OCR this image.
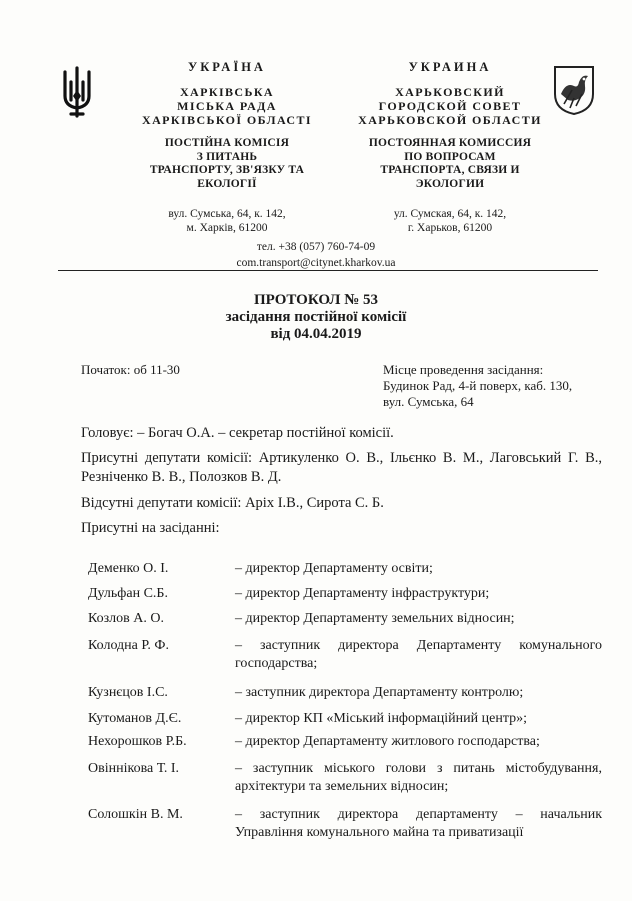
УКРАЇНА
ХАРКІВСЬКА
МІСЬКА РАДА
ХАРКІВСЬКОЇ ОБЛАСТІ
ПОСТІЙНА КОМІСІЯ
З ПИТАНЬ
ТРАНСПОРТУ, ЗВ'ЯЗКУ ТА
ЕКОЛОГІЇ
вул. Сумська, 64, к. 142,
м. Харків, 61200
УКРАИНА
ХАРЬКОВСКИЙ
ГОРОДСКОЙ СОВЕТ
ХАРЬКОВСКОЙ ОБЛАСТИ
ПОСТОЯННАЯ КОМИССИЯ
ПО ВОПРОСАМ
ТРАНСПОРТА, СВЯЗИ И
ЭКОЛОГИИ
ул. Сумская, 64, к. 142,
г. Харьков, 61200
тел. +38 (057) 760-74-09
com.transport@citynet.kharkov.ua
ПРОТОКОЛ № 53
засідання постійної комісії
від 04.04.2019
Початок: об 11-30	Місце проведення засідання:
Будинок Рад, 4-й поверх, каб. 130,
вул. Сумська, 64
Головує: – Богач О.А. – секретар постійної комісії.
Присутні депутати комісії: Артикуленко О. В., Ільєнко В. М., Лаговський Г. В., Резніченко В. В., Полозков В. Д.
Відсутні депутати комісії: Аріх І.В., Сирота С. Б.
Присутні на засіданні:
Деменко О. І.	– директор Департаменту освіти;
Дульфан С.Б.	– директор Департаменту інфраструктури;
Козлов А. О.	– директор Департаменту земельних відносин;
Колодна Р. Ф.	– заступник директора Департаменту комунального господарства;
Кузнєцов І.С.	– заступник директора Департаменту контролю;
Кутоманов Д.Є.	– директор КП «Міський інформаційний центр»;
Нехорошков Р.Б.	– директор Департаменту житлового господарства;
Овіннікова Т. І.	– заступник міського голови з питань містобудування, архітектури та земельних відносин;
Солошкін В. М.	– заступник директора департаменту – начальник Управління комунального майна та приватизації
